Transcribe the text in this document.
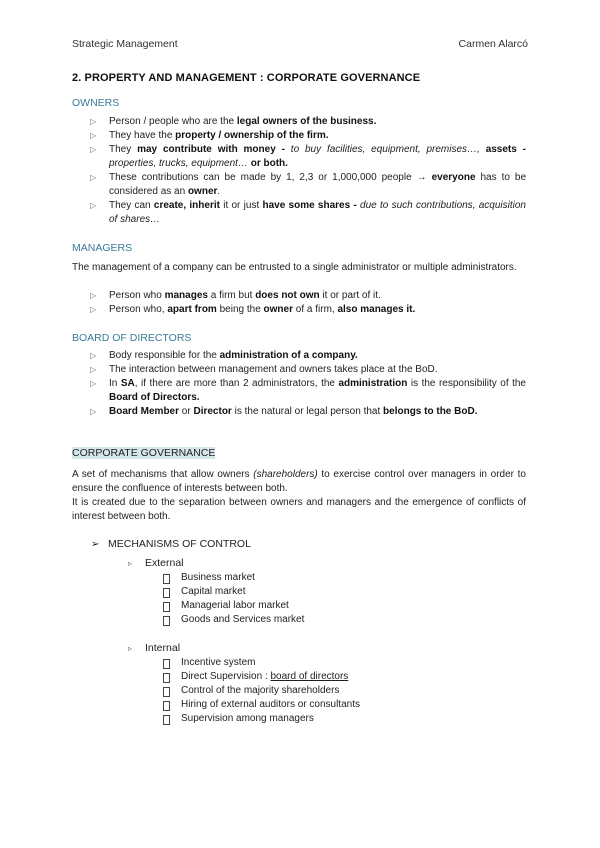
Strategic Management	Carmen Alarcó
2. PROPERTY AND MANAGEMENT : CORPORATE GOVERNANCE
OWNERS
▷ Person / people who are the legal owners of the business.
▷ They have the property / ownership of the firm.
▷ They may contribute with money - to buy facilities, equipment, premises…, assets - properties, trucks, equipment… or both.
▷ These contributions can be made by 1, 2,3 or 1,000,000 people → everyone has to be considered as an owner.
▷ They can create, inherit it or just have some shares - due to such contributions, acquisition of shares…
MANAGERS

The management of a company can be entrusted to a single administrator or multiple administrators.

▷ Person who manages a firm but does not own it or part of it.
▷ Person who, apart from being the owner of a firm, also manages it.
BOARD OF DIRECTORS
▷ Body responsible for the administration of a company.
▷ The interaction between management and owners takes place at the BoD.
▷ In SA, if there are more than 2 administrators, the administration is the responsibility of the Board of Directors.
▷ Board Member or Director is the natural or legal person that belongs to the BoD.
CORPORATE GOVERNANCE

A set of mechanisms that allow owners (shareholders) to exercise control over managers in order to ensure the confluence of interests between both.

It is created due to the separation between owners and managers and the emergence of conflicts of interest between both.

➢ MECHANISMS OF CONTROL
▹ External
Business market
Capital market
Managerial labor market
Goods and Services market
▹ Internal
Incentive system
Direct Supervision : board of directors
Control of the majority shareholders
Hiring of external auditors or consultants
Supervision among managers
